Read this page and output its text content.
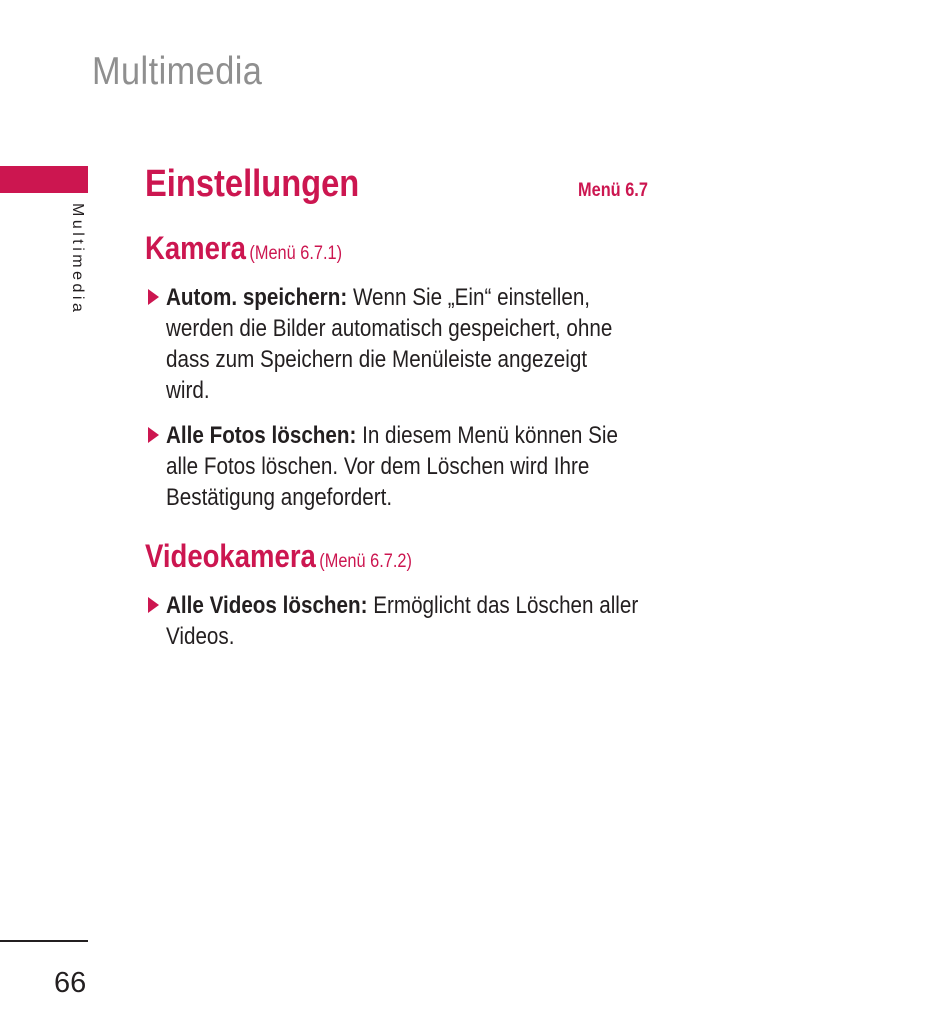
Multimedia
Multimedia
Einstellungen	Menü 6.7
Kamera (Menü 6.7.1)
Autom. speichern: Wenn Sie „Ein“ einstellen,
werden die Bilder automatisch gespeichert, ohne
dass zum Speichern die Menüleiste angezeigt
wird.
Alle Fotos löschen: In diesem Menü können Sie
alle Fotos löschen. Vor dem Löschen wird Ihre
Bestätigung angefordert.
Videokamera (Menü 6.7.2)
Alle Videos löschen: Ermöglicht das Löschen aller
Videos.
66
